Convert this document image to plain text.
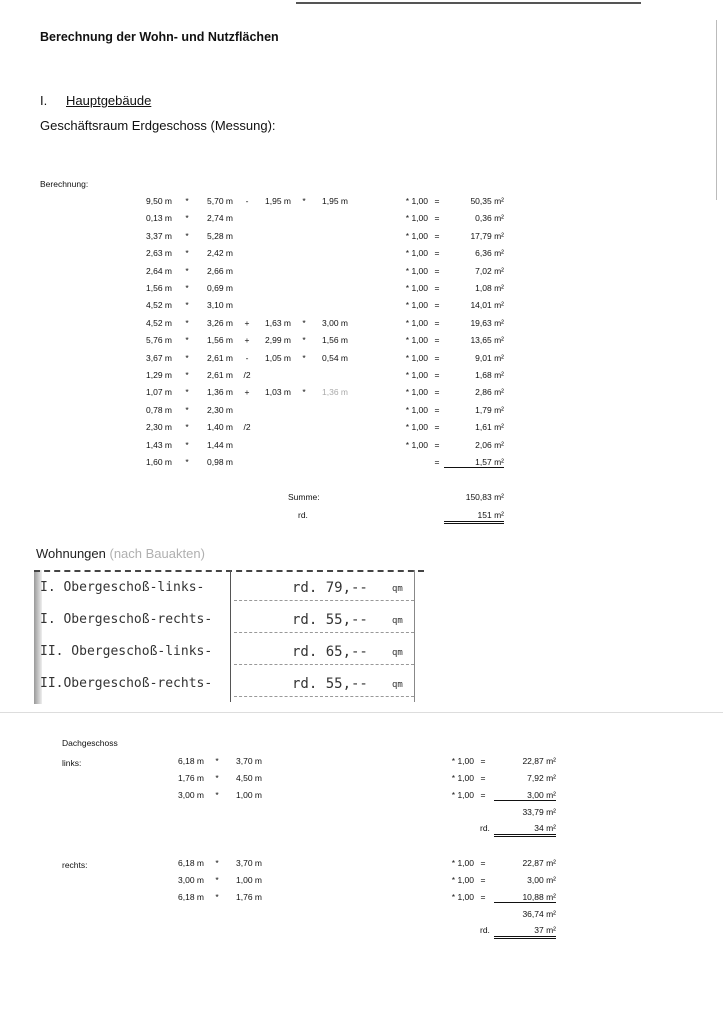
Berechnung der Wohn- und Nutzflächen
I. Hauptgebäude
Geschäftsraum Erdgeschoss (Messung):
Berechnung:
9,50 m *	5,70 m	-	1,95 m *	1,95 m	* 1,00 =	50,35 m²
0,13 m *	2,74 m	* 1,00 =	0,36 m²
3,37 m *	5,28 m	* 1,00 =	17,79 m²
2,63 m *	2,42 m	* 1,00 =	6,36 m²
2,64 m *	2,66 m	* 1,00 =	7,02 m²
1,56 m *	0,69 m	* 1,00 =	1,08 m²
4,52 m *	3,10 m	* 1,00 =	14,01 m²
4,52 m *	3,26 m	+	1,63 m *	3,00 m	* 1,00 =	19,63 m²
5,76 m *	1,56 m	+	2,99 m *	1,56 m	* 1,00 =	13,65 m²
3,67 m *	2,61 m	-	1,05 m *	0,54 m	* 1,00 =	9,01 m²
1,29 m *	2,61 m	/2	* 1,00 =	1,68 m²
1,07 m *	1,36 m	+	1,03 m *	1,36 m	* 1,00 =	2,86 m²
0,78 m *	2,30 m	* 1,00 =	1,79 m²
2,30 m *	1,40 m	/2	* 1,00 =	1,61 m²
1,43 m *	1,44 m	* 1,00 =	2,06 m²
1,60 m *	0,98 m	=	1,57 m²
Summe:	150,83 m²
rd.	151 m²
Wohnungen (nach Bauakten)
I. Obergeschoß-links-	rd. 79,--	qm
I. Obergeschoß-rechts-	rd. 55,--	qm
II. Obergeschoß-links-	rd. 65,--	qm
II.Obergeschoß-rechts-	rd. 55,--	qm
Dachgeschoss
links:	6,18 m	*	3,70 m	* 1,00 =	22,87 m²
1,76 m	*	4,50 m	* 1,00 =	7,92 m²
3,00 m	*	1,00 m	* 1,00 =	3,00 m²
33,79 m²
rd.	34 m²
rechts:	6,18 m	*	3,70 m	* 1,00 =	22,87 m²
3,00 m	*	1,00 m	* 1,00 =	3,00 m²
6,18 m	*	1,76 m	* 1,00 =	10,88 m²
36,74 m²
rd.	37 m²
